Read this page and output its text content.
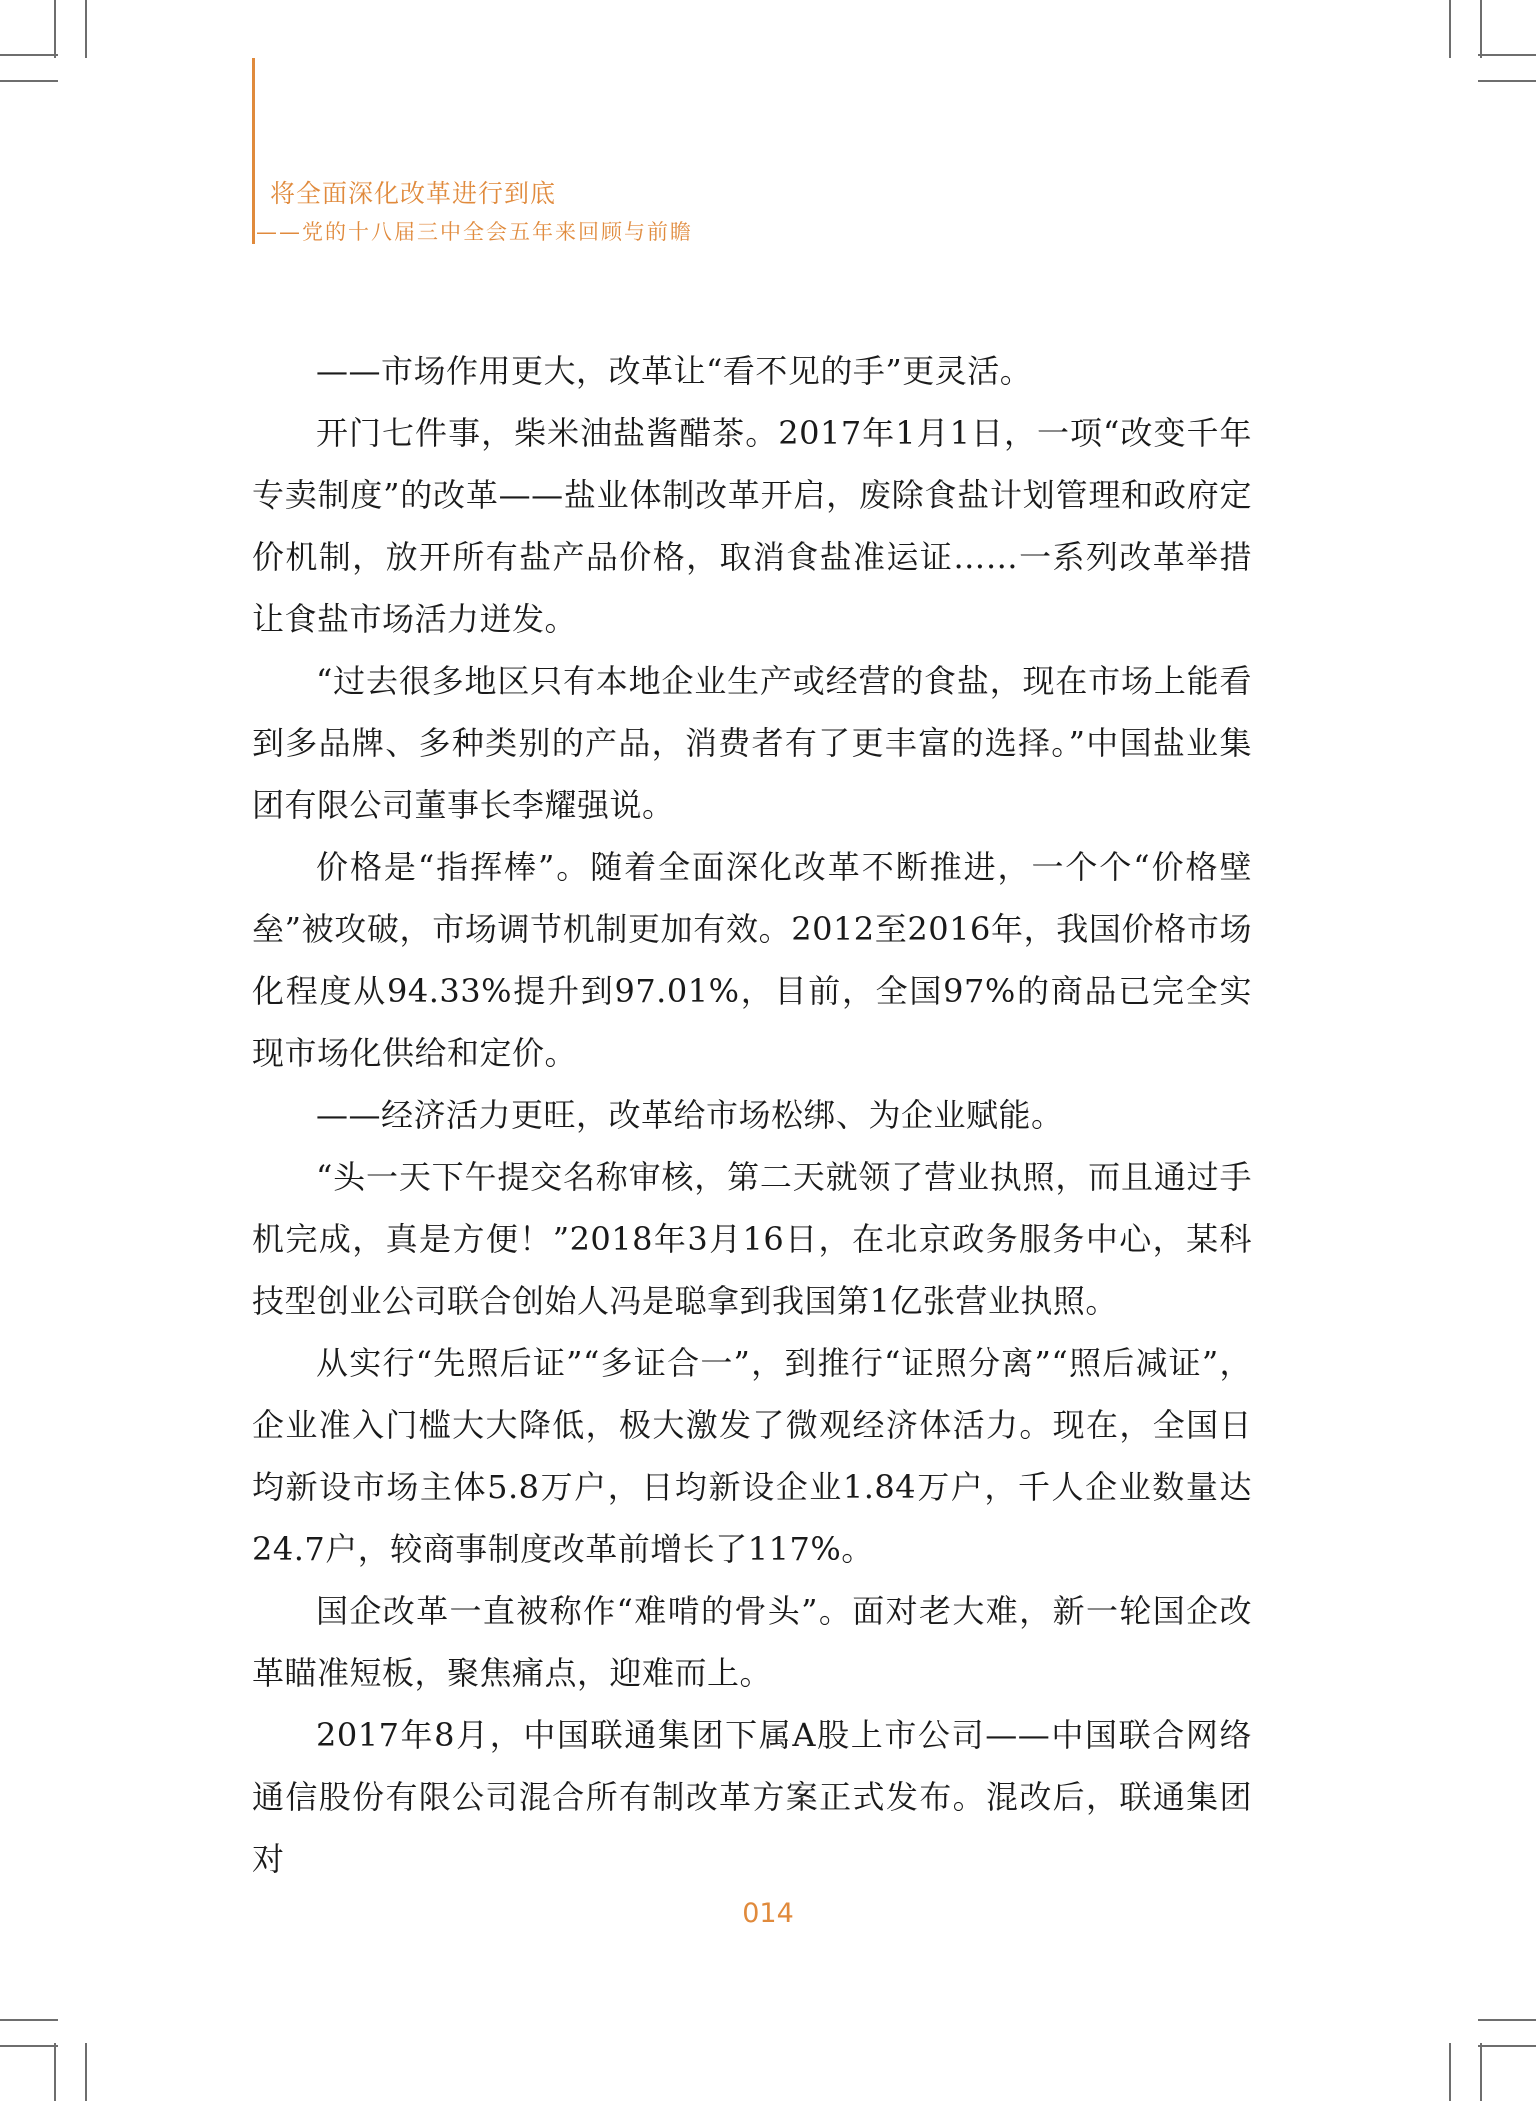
将全面深化改革进行到底
——党的十八届三中全会五年来回顾与前瞻

——市场作用更大，改革让“看不见的手”更灵活。

开门七件事，柴米油盐酱醋茶。2017年1月1日，一项“改变千年专卖制度”的改革——盐业体制改革开启，废除食盐计划管理和政府定价机制，放开所有盐产品价格，取消食盐准运证……一系列改革举措让食盐市场活力迸发。

“过去很多地区只有本地企业生产或经营的食盐，现在市场上能看到多品牌、多种类别的产品，消费者有了更丰富的选择。”中国盐业集团有限公司董事长李耀强说。

价格是“指挥棒”。随着全面深化改革不断推进，一个个“价格壁垒”被攻破，市场调节机制更加有效。2012至2016年，我国价格市场化程度从94.33%提升到97.01%，目前，全国97%的商品已完全实现市场化供给和定价。

——经济活力更旺，改革给市场松绑、为企业赋能。

“头一天下午提交名称审核，第二天就领了营业执照，而且通过手机完成，真是方便！”2018年3月16日，在北京政务服务中心，某科技型创业公司联合创始人冯是聪拿到我国第1亿张营业执照。

从实行“先照后证”“多证合一”，到推行“证照分离”“照后减证”，企业准入门槛大大降低，极大激发了微观经济体活力。现在，全国日均新设市场主体5.8万户，日均新设企业1.84万户，千人企业数量达24.7户，较商事制度改革前增长了117%。

国企改革一直被称作“难啃的骨头”。面对老大难，新一轮国企改革瞄准短板，聚焦痛点，迎难而上。

2017年8月，中国联通集团下属A股上市公司——中国联合网络通信股份有限公司混合所有制改革方案正式发布。混改后，联通集团对

014
